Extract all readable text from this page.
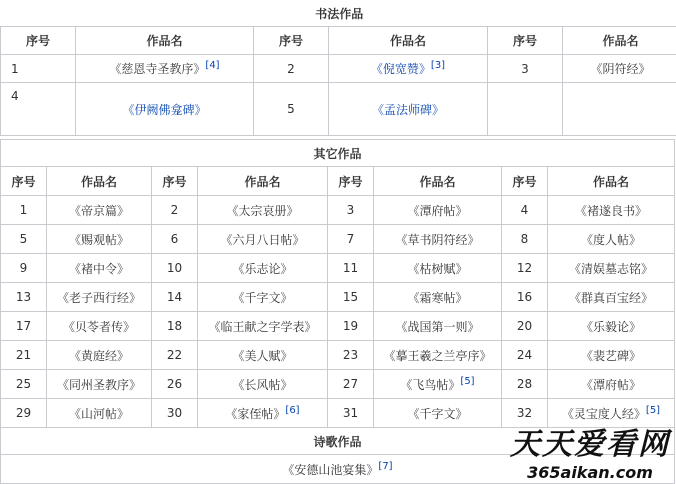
书法作品					
序号	作品名	序号	作品名	序号	作品名
1	《慈恩寺圣教序》[4]	2	《倪宽赞》[3]	3	《阴符经》
4	《伊阙佛龛碑》	5	《孟法师碑》		
其它作品							
序号	作品名	序号	作品名	序号	作品名	序号	作品名
1	《帝京篇》	2	《太宗哀册》	3	《潭府帖》	4	《褚遂良书》
5	《赐观帖》	6	《六月八日帖》	7	《草书阴符经》	8	《度人帖》
9	《褚中令》	10	《乐志论》	11	《枯树赋》	12	《清娱墓志铭》
13	《老子西行经》	14	《千字文》	15	《霜寒帖》	16	《群真百宝经》
17	《贝苓者传》	18	《临王献之字学表》	19	《战国第一则》	20	《乐毅论》
21	《黄庭经》	22	《美人赋》	23	《摹王羲之兰亭序》	24	《裴艺碑》
25	《同州圣教序》	26	《长风帖》	27	《飞鸟帖》[5]	28	《潭府帖》
29	《山河帖》	30	《家侄帖》[6]	31	《千字文》	32	《灵宝度人经》[5]
诗歌作品							
《安德山池宴集》[7]
天天爱看网
365aikan.com
